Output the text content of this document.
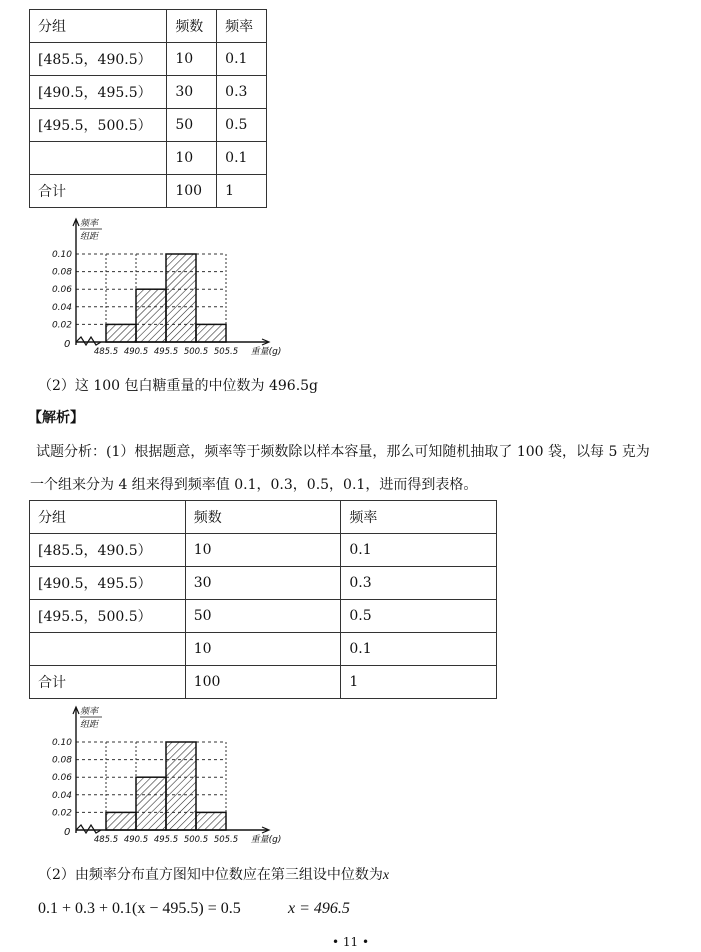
分组	频数	频率
[485.5，490.5）	10	0.1
[490.5，495.5）	30	0.3
[495.5，500.5）	50	0.5
	10	0.1
合计	100	1
0.02
0.04
0.06
0.08
0.10
0
485.5 490.5 495.5 500.5 505.5 重量(g)
频率
组距
（2）这 100 包白糖重量的中位数为 496.5g
【解析】
试题分析：(1）根据题意，频率等于频数除以样本容量，那么可知随机抽取了 100 袋，以每 5 克为
一个组来分为 4 组来得到频率值 0.1，0.3，0.5，0.1，进而得到表格。
分组	频数	频率
[485.5，490.5）	10	0.1
[490.5，495.5）	30	0.3
[495.5，500.5）	50	0.5
	10	0.1
合计	100	1
0.02
0.04
0.06
0.08
0.10
0
485.5 490.5 495.5 500.5 505.5 重量(g)
频率
组距
（2）由频率分布直方图知中位数应在第三组设中位数为x
0.1 + 0.3 + 0.1(x − 495.5) = 0.5	x = 496.5
• 11 •
